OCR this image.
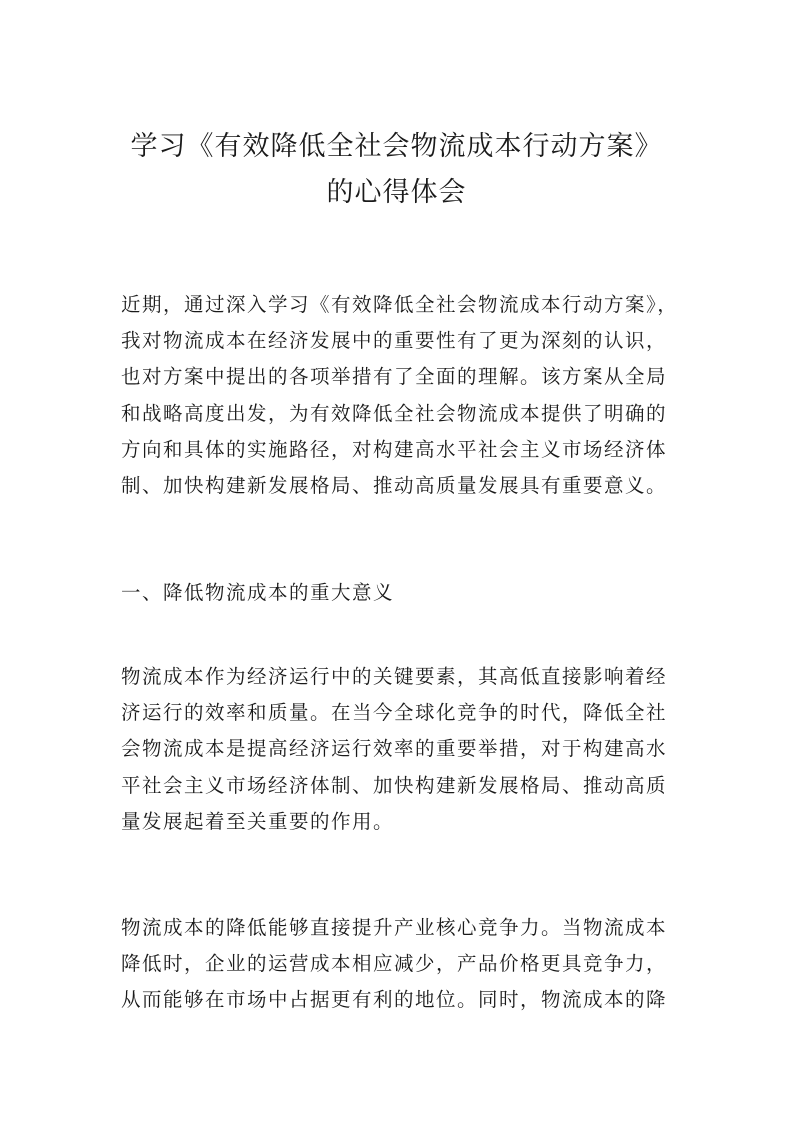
学习《有效降低全社会物流成本行动方案》
的心得体会

近期，通过深入学习《有效降低全社会物流成本行动方案》，
我对物流成本在经济发展中的重要性有了更为深刻的认识，
也对方案中提出的各项举措有了全面的理解。该方案从全局
和战略高度出发，为有效降低全社会物流成本提供了明确的
方向和具体的实施路径，对构建高水平社会主义市场经济体
制、加快构建新发展格局、推动高质量发展具有重要意义。

一、降低物流成本的重大意义

物流成本作为经济运行中的关键要素，其高低直接影响着经
济运行的效率和质量。在当今全球化竞争的时代，降低全社
会物流成本是提高经济运行效率的重要举措，对于构建高水
平社会主义市场经济体制、加快构建新发展格局、推动高质
量发展起着至关重要的作用。

物流成本的降低能够直接提升产业核心竞争力。当物流成本
降低时，企业的运营成本相应减少，产品价格更具竞争力，
从而能够在市场中占据更有利的地位。同时，物流成本的降
